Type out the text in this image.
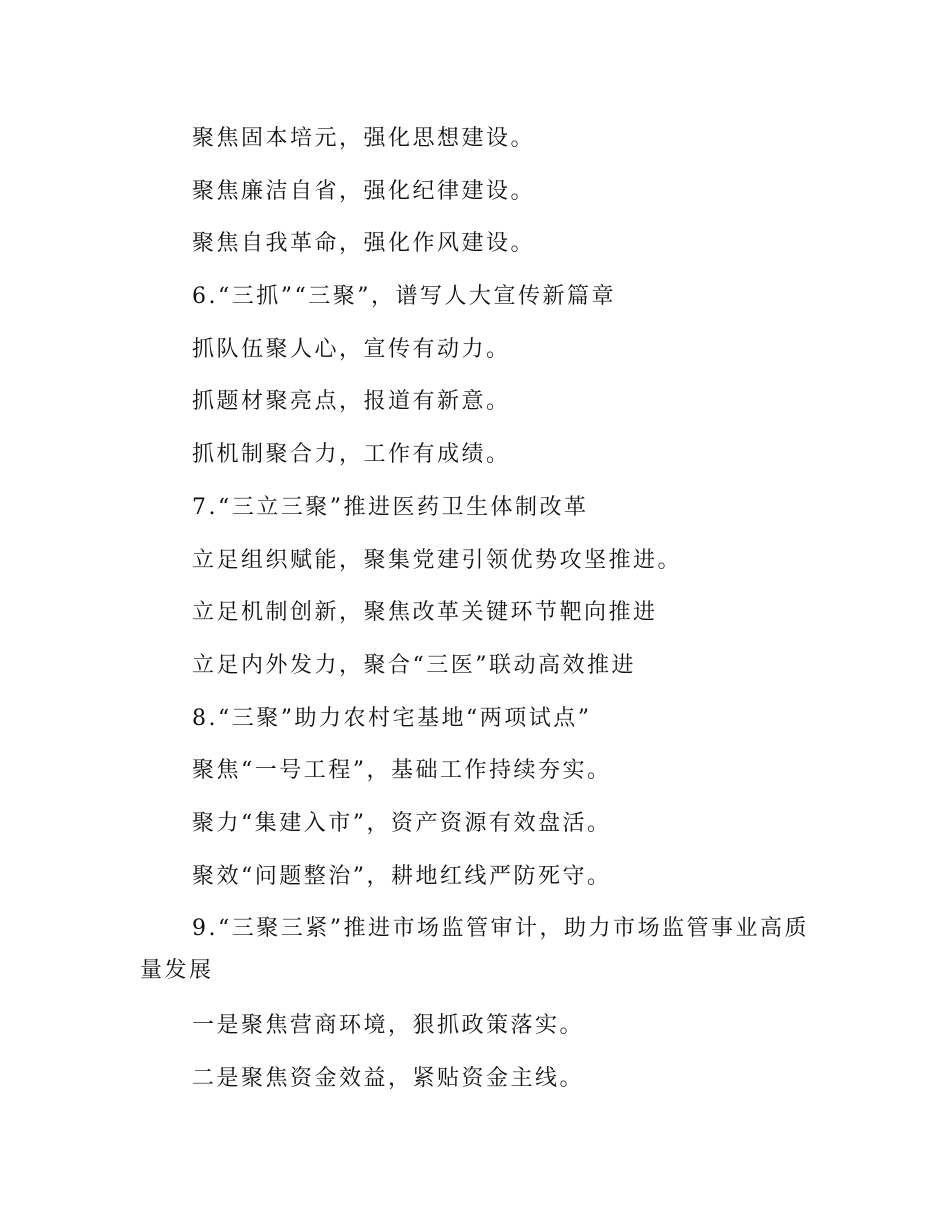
聚焦固本培元，强化思想建设。
聚焦廉洁自省，强化纪律建设。
聚焦自我革命，强化作风建设。
6.“三抓”“三聚”，谱写人大宣传新篇章
抓队伍聚人心，宣传有动力。
抓题材聚亮点，报道有新意。
抓机制聚合力，工作有成绩。
7.“三立三聚”推进医药卫生体制改革
立足组织赋能，聚集党建引领优势攻坚推进。
立足机制创新，聚焦改革关键环节靶向推进
立足内外发力，聚合“三医”联动高效推进
8.“三聚”助力农村宅基地“两项试点”
聚焦“一号工程”，基础工作持续夯实。
聚力“集建入市”，资产资源有效盘活。
聚效“问题整治”，耕地红线严防死守。
9.“三聚三紧”推进市场监管审计，助力市场监管事业高质量发展
一是聚焦营商环境，狠抓政策落实。
二是聚焦资金效益，紧贴资金主线。
